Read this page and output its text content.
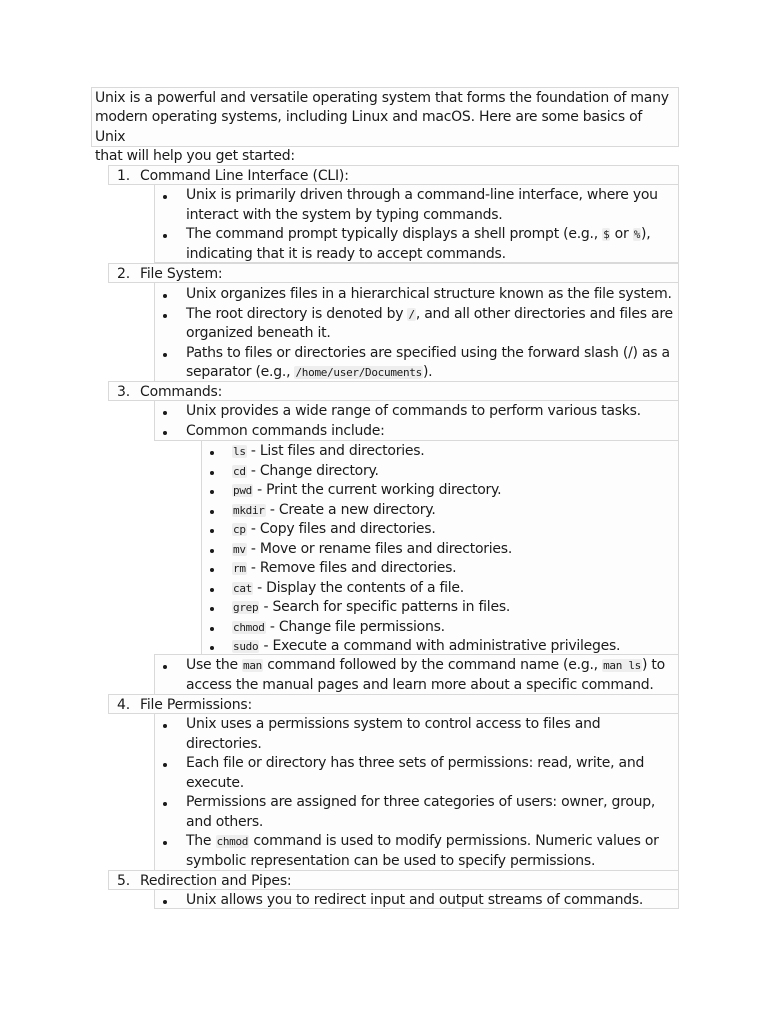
Unix is a powerful and versatile operating system that forms the foundation of many
modern operating systems, including Linux and macOS. Here are some basics of Unix
that will help you get started:
1. Command Line Interface (CLI):
Unix is primarily driven through a command-line interface, where you
interact with the system by typing commands.
The command prompt typically displays a shell prompt (e.g., $ or %),
indicating that it is ready to accept commands.
2. File System:
Unix organizes files in a hierarchical structure known as the file system.
The root directory is denoted by /, and all other directories and files are
organized beneath it.
Paths to files or directories are specified using the forward slash (/) as a
separator (e.g., /home/user/Documents).
3. Commands:
Unix provides a wide range of commands to perform various tasks.
Common commands include:
ls - List files and directories.
cd - Change directory.
pwd - Print the current working directory.
mkdir - Create a new directory.
cp - Copy files and directories.
mv - Move or rename files and directories.
rm - Remove files and directories.
cat - Display the contents of a file.
grep - Search for specific patterns in files.
chmod - Change file permissions.
sudo - Execute a command with administrative privileges.
Use the man command followed by the command name (e.g., man ls) to
access the manual pages and learn more about a specific command.
4. File Permissions:
Unix uses a permissions system to control access to files and
directories.
Each file or directory has three sets of permissions: read, write, and
execute.
Permissions are assigned for three categories of users: owner, group,
and others.
The chmod command is used to modify permissions. Numeric values or
symbolic representation can be used to specify permissions.
5. Redirection and Pipes:
Unix allows you to redirect input and output streams of commands.
